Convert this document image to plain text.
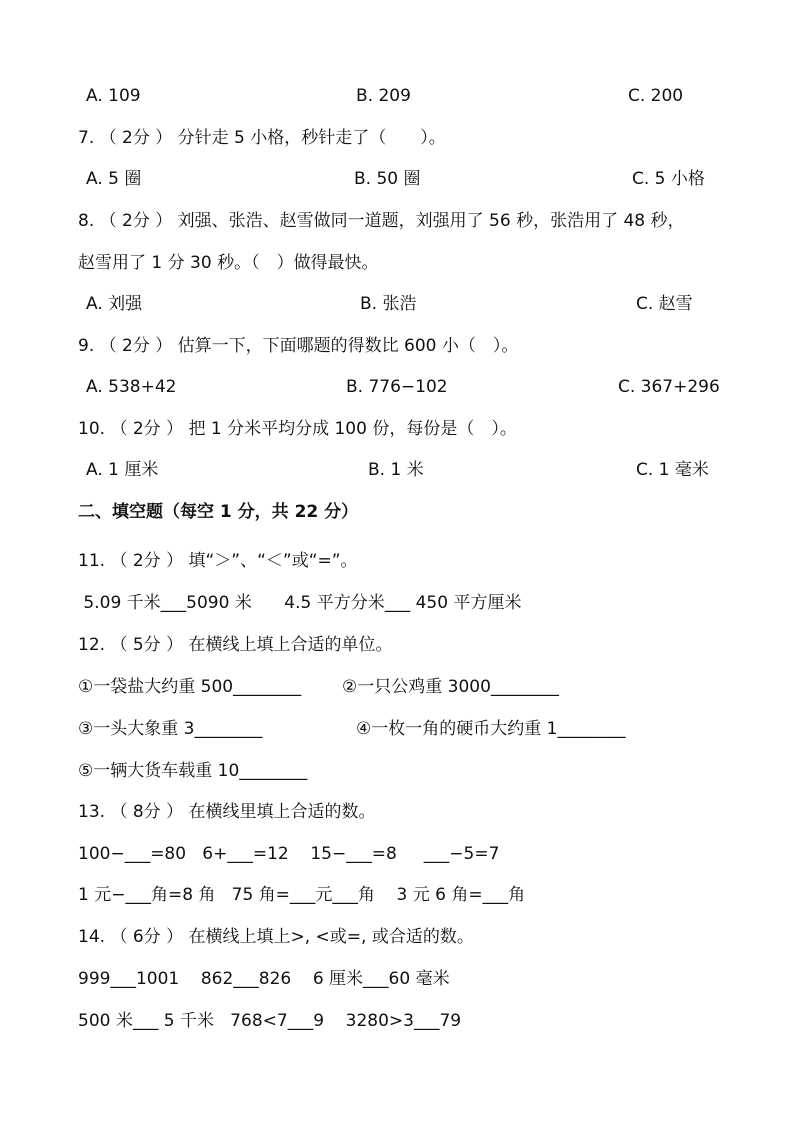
A. 109	B. 209	C. 200
7. （ 2分 ） 分针走 5 小格，秒针走了（　　）。
A. 5 圈	B. 50 圈	C. 5 小格
8. （ 2分 ） 刘强、张浩、赵雪做同一道题，刘强用了 56 秒，张浩用了 48 秒，
赵雪用了 1 分 30 秒。（　）做得最快。
A. 刘强	B. 张浩	C. 赵雪
9. （ 2分 ） 估算一下，下面哪题的得数比 600 小（　）。
A. 538+42	B. 776−102	C. 367+296
10. （ 2分 ） 把 1 分米平均分成 100 份，每份是（　）。
A. 1 厘米	B. 1 米	C. 1 毫米
二、填空题（每空 1 分，共 22 分）
11. （ 2分 ） 填“＞”、“＜”或“=”。
5.09 千米___5090 米      4.5 平方分米___ 450 平方厘米
12. （ 5分 ） 在横线上填上合适的单位。
①一袋盐大约重 500________ ②一只公鸡重 3000________
③一头大象重 3________	④一枚一角的硬币大约重 1________
⑤一辆大货车载重 10________
13. （ 8分 ） 在横线里填上合适的数。
100−___=80   6+___=12    15−___=8     ___−5=7
1 元−___角=8 角   75 角=___元___角    3 元 6 角=___角
14. （ 6分 ） 在横线上填上>, <或=, 或合适的数。
999___1001    862___826    6 厘米___60 毫米
500 米___ 5 千米   768<7___9    3280>3___79
